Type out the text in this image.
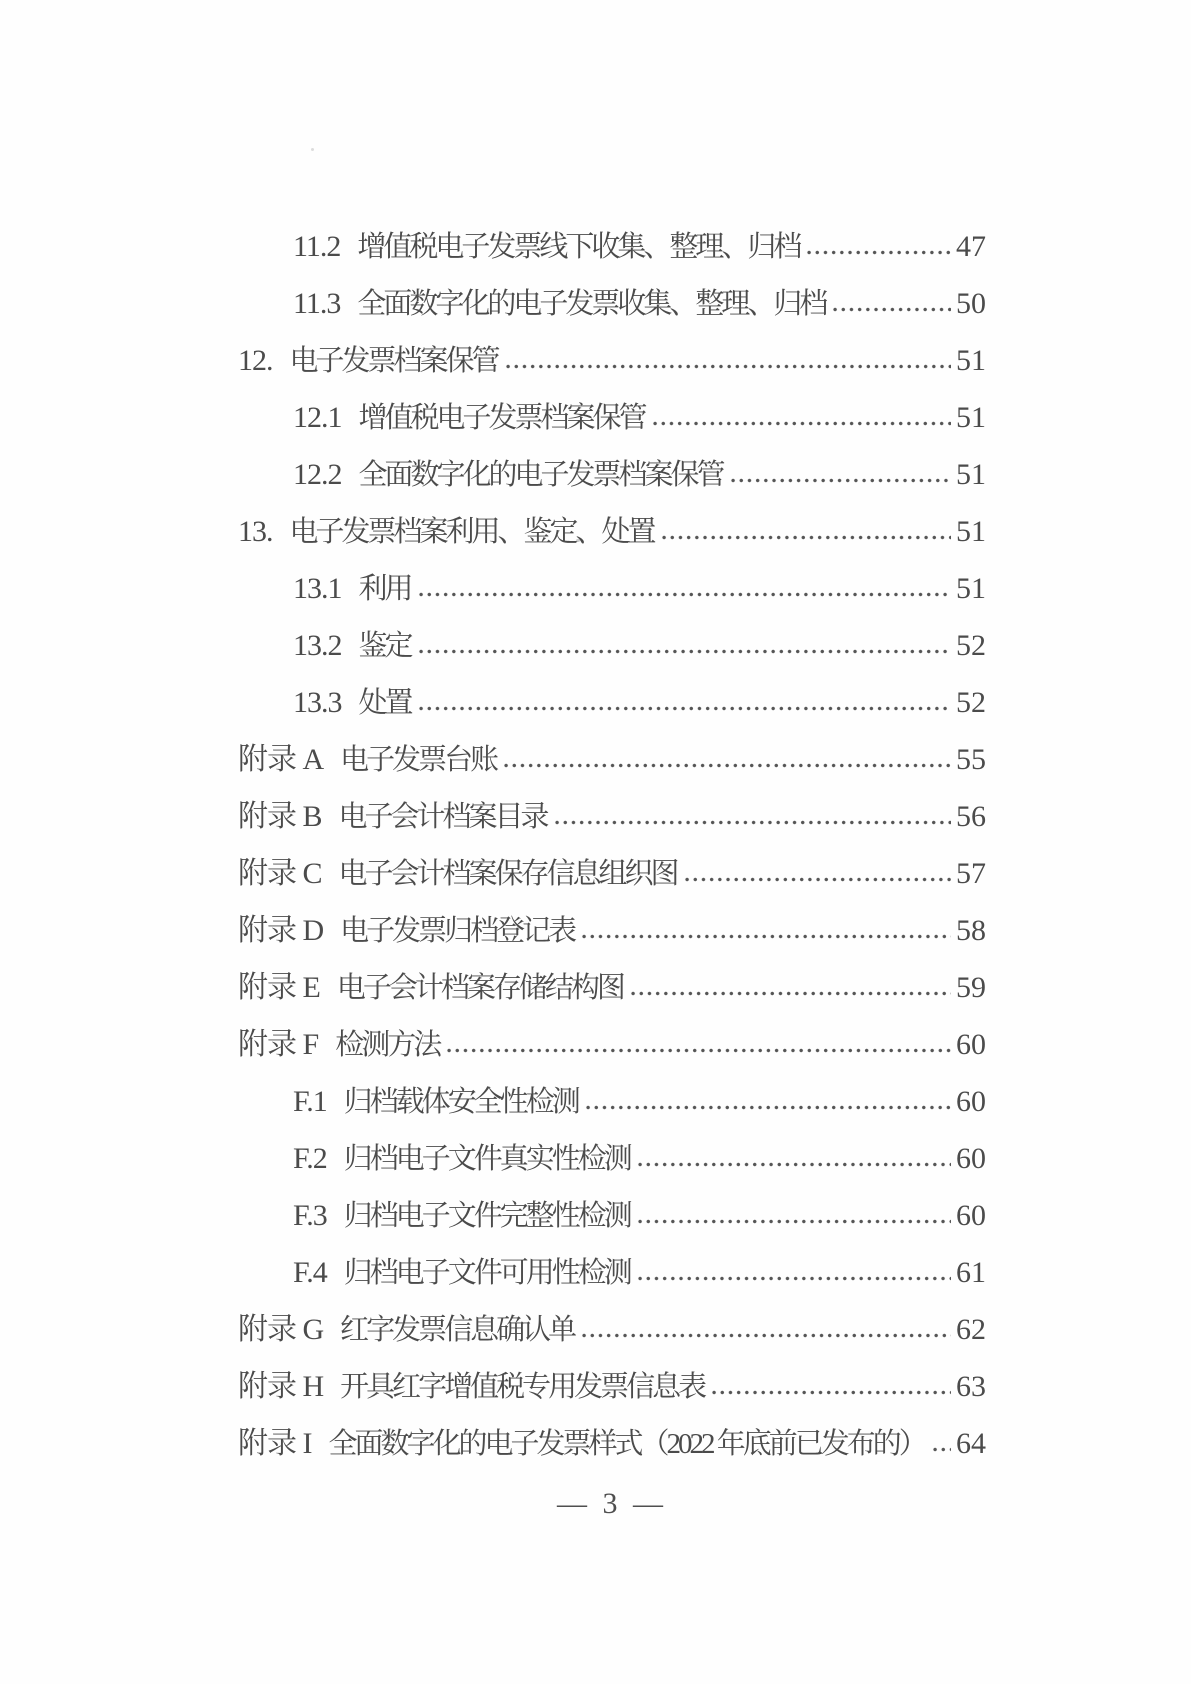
11.2 增值税电子发票线下收集、整理、归档	47
11.3 全面数字化的电子发票收集、整理、归档	50
12. 电子发票档案保管	51
12.1 增值税电子发票档案保管	51
12.2 全面数字化的电子发票档案保管	51
13. 电子发票档案利用、鉴定、处置	51
13.1 利用	51
13.2 鉴定	52
13.3 处置	52
附录 A 电子发票台账	55
附录 B 电子会计档案目录	56
附录 C 电子会计档案保存信息组织图	57
附录 D 电子发票归档登记表	58
附录 E 电子会计档案存储结构图	59
附录 F 检测方法	60
F.1 归档载体安全性检测	60
F.2 归档电子文件真实性检测	60
F.3 归档电子文件完整性检测	60
F.4 归档电子文件可用性检测	61
附录 G 红字发票信息确认单	62
附录 H 开具红字增值税专用发票信息表	63
附录 I 全面数字化的电子发票样式（2022 年底前已发布的） 64
— 3 —
